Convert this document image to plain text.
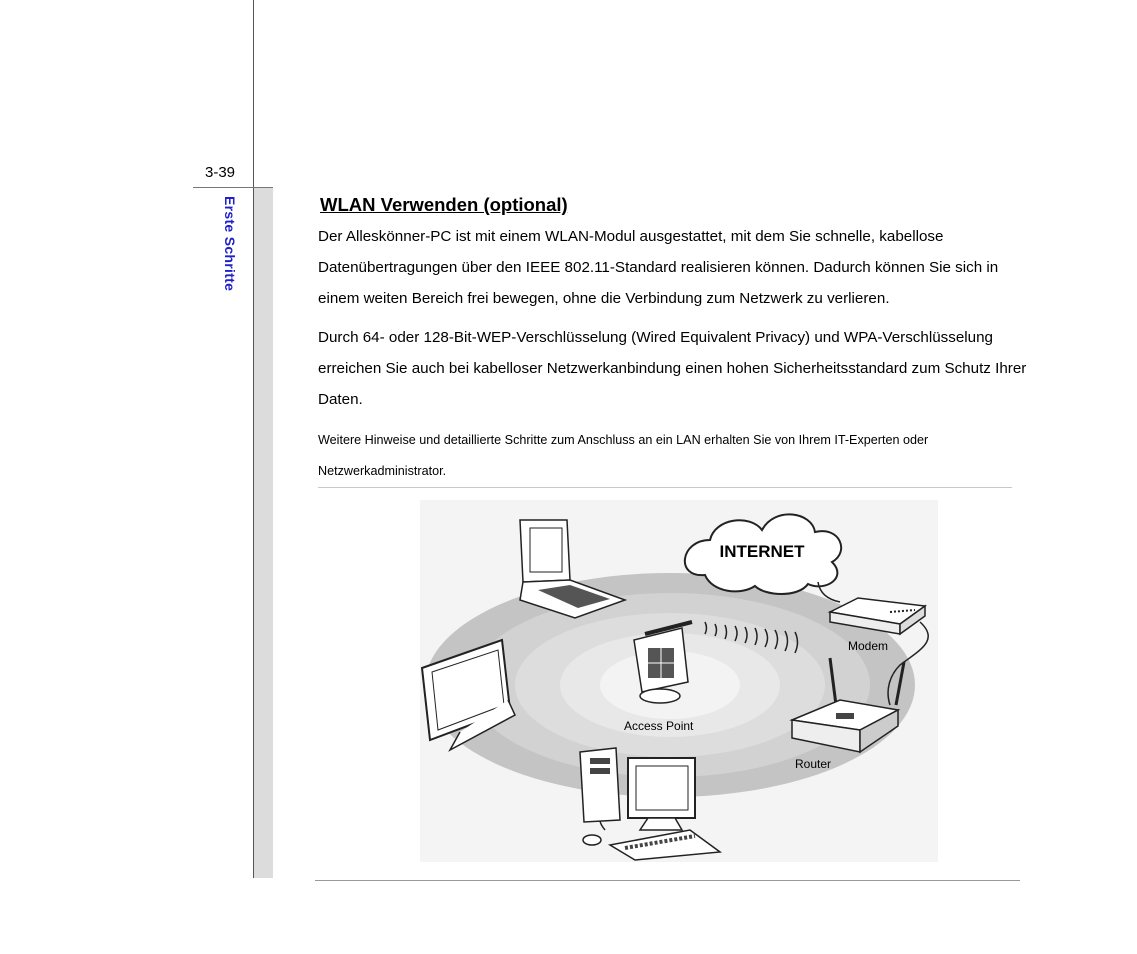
3-39
Erste Schritte	WLAN Verwenden (optional)

Der Alleskönner-PC ist mit einem WLAN-Modul ausgestattet, mit dem Sie schnelle, kabellose Datenübertragungen über den IEEE 802.11-Standard realisieren können. Dadurch können Sie sich in einem weiten Bereich frei bewegen, ohne die Verbindung zum Netzwerk zu verlieren.

Durch 64- oder 128-Bit-WEP-Verschlüsselung (Wired Equivalent Privacy) und WPA-Verschlüsselung erreichen Sie auch bei kabelloser Netzwerkanbindung einen hohen Sicherheitsstandard zum Schutz Ihrer Daten.

Weitere Hinweise und detaillierte Schritte zum Anschluss an ein LAN erhalten Sie von Ihrem IT-Experten oder Netzwerkadministrator.

INTERNET
Modem
Router
Access Point
